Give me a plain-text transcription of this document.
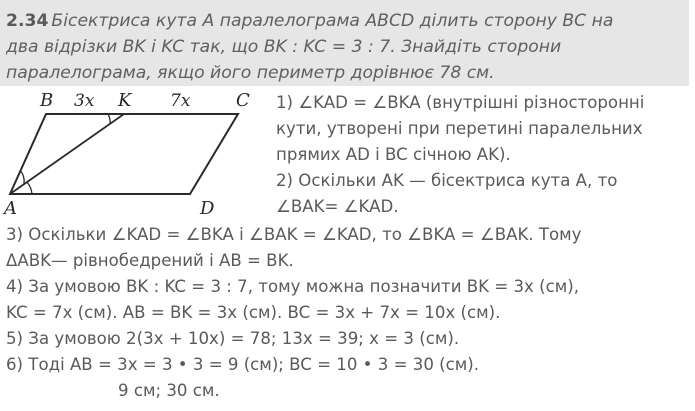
2.34 Бісектриса кута A паралелограма ABCD ділить сторону BC на
два відрізки BK і KC так, що BK : KC = 3 : 7. Знайдіть сторони
паралелограма, якщо його периметр дорівнює 78 см.
B 3x K 7x	C
A	D
1) ∠KAD = ∠BKA (внутрішні різносторонні
кути, утворені при перетині паралельних
прямих AD і BC січною AK).
2) Оскільки AK — бісектриса кута A, то
∠BAK= ∠KAD.
3) Оскільки ∠KAD = ∠BKA і ∠BAK = ∠KAD, то ∠BKA = ∠BAK. Тому
ΔABK— рівнобедрений і AB = BK.
4) За умовою BK : KC = 3 : 7, тому можна позначити BK = 3x (см),
KC = 7x (см). AB = BK = 3x (см). BC = 3x + 7x = 10x (см).
5) За умовою 2(3x + 10x) = 78; 13x = 39; x = 3 (см).
6) Тоді AB = 3x = 3 • 3 = 9 (см); BC = 10 • 3 = 30 (см).
9 см; 30 см.
